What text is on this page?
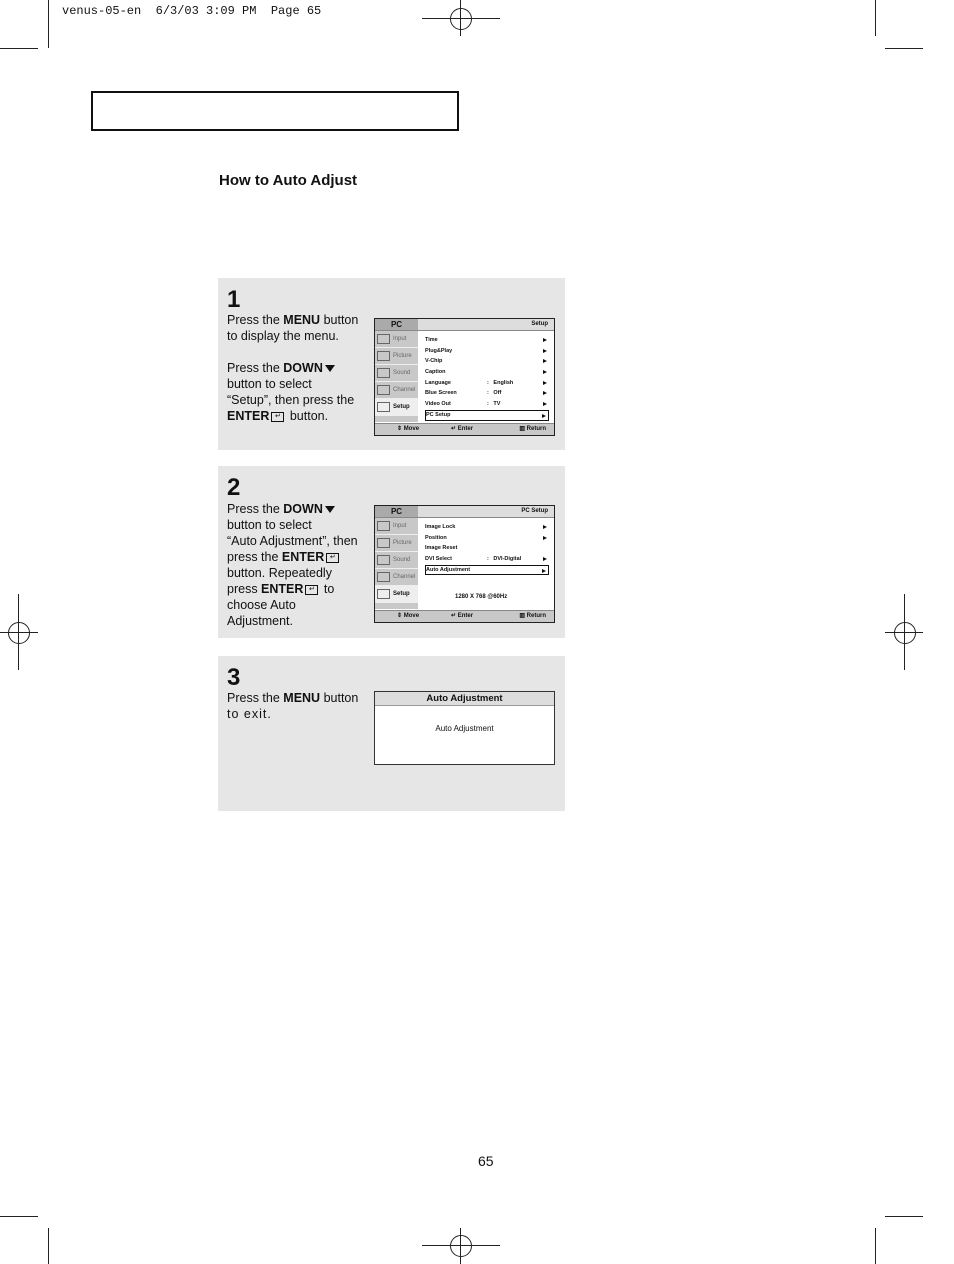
venus-05-en  6/3/03 3:09 PM  Page 65
How to Auto Adjust
1
Press the MENU button
to display the menu.

Press the DOWN
button to select
“Setup”, then press the
ENTER ↵ button.
PC	Setup
Input
Picture
Sound
Channel
Setup
Time
Plug&Play
V-Chip
Caption
Language	:   English
Blue Screen	:   Off
Video Out	:   TV
PC Setup
⇕ Move	↵ Enter	▥ Return
2
Press the DOWN
button to select
“Auto Adjustment”, then
press the ENTER ↵
button. Repeatedly
press ENTER ↵ to
choose Auto
Adjustment.
PC	PC Setup
Input
Picture
Sound
Channel
Setup
Image Lock
Position
Image Reset
DVI Select	:   DVI-Digital
Auto Adjustment
1280 X 768 @60Hz
⇕ Move	↵ Enter	▥ Return
3
Press the MENU button
to exit.
Auto Adjustment
Auto Adjustment
65
